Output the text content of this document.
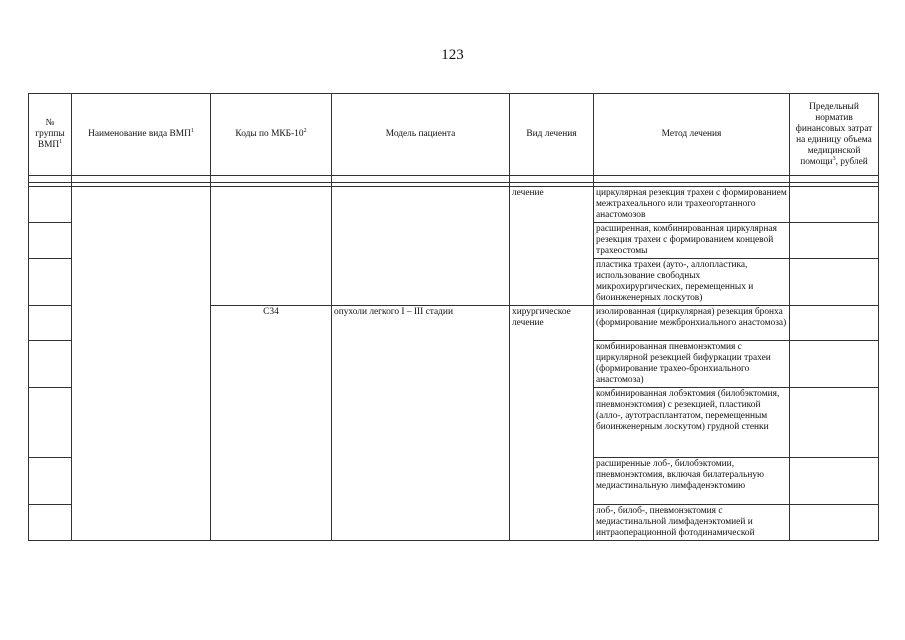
123
№ группы ВМП$^1$	Наименование вида ВМП$^1$	Коды по МКБ-$10^2$	Модель пациента	Вид лечения	Метод лечения	Предельный норматив финансовых затрат на единицу объема медицинской помощи$^3$, рублей

				лечение	циркулярная резекция трахеи с формированием межтрахеального или трахеогортанного анастомозов	
					расширенная, комбинированная циркулярная резекция трахеи с формированием концевой трахеостомы	
					пластика трахеи (ауто-, аллопластика, использование свободных микрохирургических, перемещенных и биоинженерных лоскутов)	
		C34	опухоли легкого I – III стадии	хирургическое лечение	изолированная (циркулярная) резекция бронха (формирование межбронхиального анастомоза)	
					комбинированная пневмонэктомия с циркулярной резекцией бифуркации трахеи (формирование трахео-бронхиального анастомоза)	
					комбинированная лобэктомия (билобэктомия, пневмонэктомия) с резекцией, пластикой (алло-, аутотрасплантатом, перемещенным биоинженерным лоскутом) грудной стенки	
					расширенные лоб-, билобэктомии, пневмонэктомия, включая билатеральную медиастинальную лимфаденэктомию	
					лоб-, билоб-, пневмонэктомия с медиастинальной лимфаденэктомией и интраоперационной фотодинамической	
